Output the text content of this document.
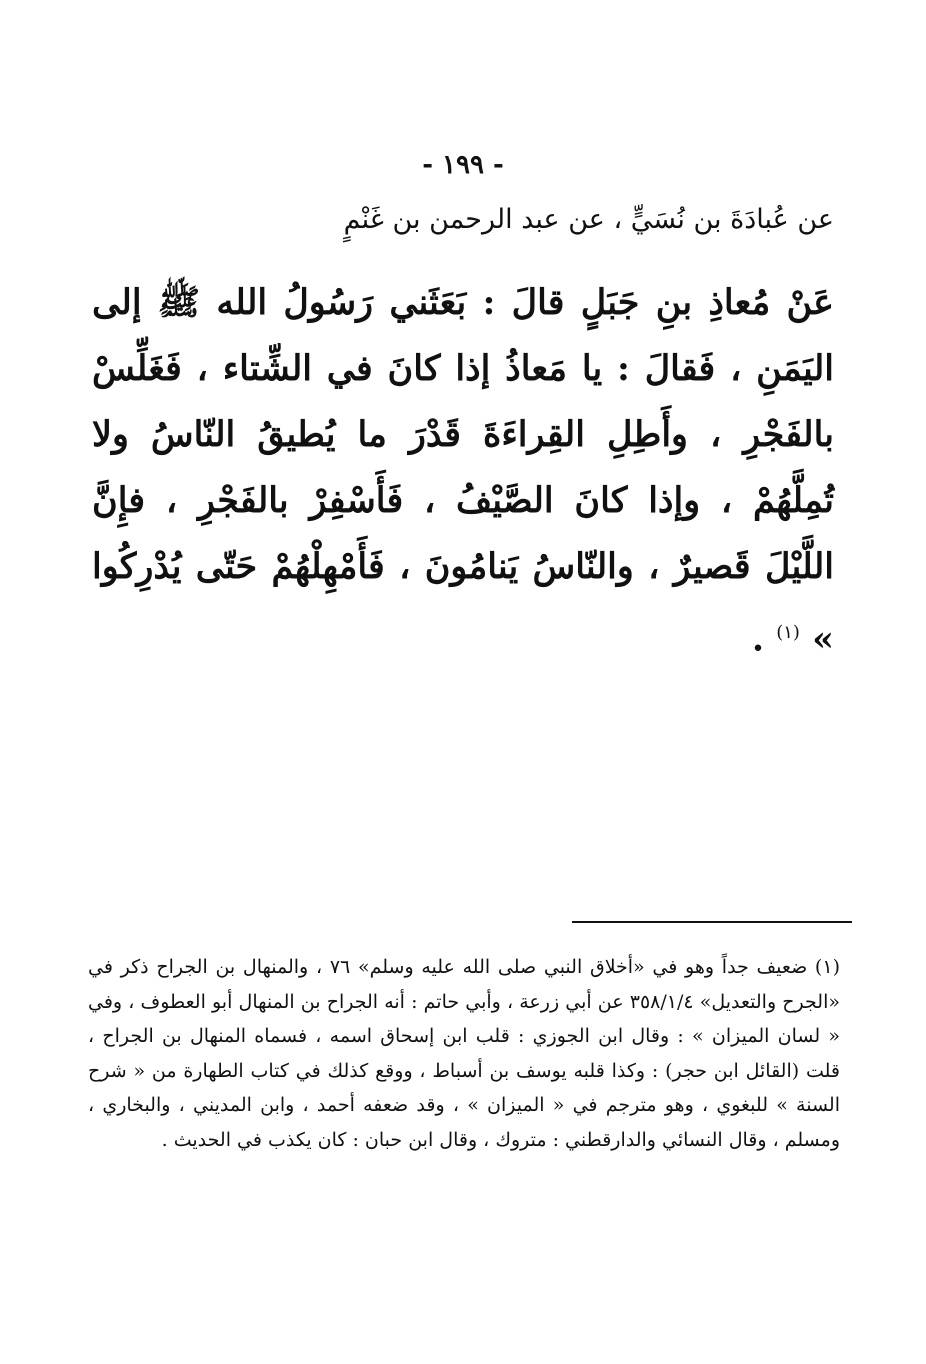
- ١٩٩ -
عن عُبادَةَ بن نُسَيٍّ ، عن عبد الرحمن بن غَنْمٍ
عَنْ مُعاذِ بنِ جَبَلٍ قالَ : بَعَثَني رَسُولُ الله ﷺ إلى اليَمَنِ ، فَقالَ : يا مَعاذُ إذا كانَ في الشِّتاء ، فَغَلِّسْ بالفَجْرِ ، وأَطِلِ القِراءَةَ قَدْرَ ما يُطيقُ النّاسُ ولا تُمِلَّهُمْ ، وإذا كانَ الصَّيْفُ ، فَأَسْفِرْ بالفَجْرِ ، فإِنَّ اللَّيْلَ قَصيرٌ ، والنّاسُ يَنامُونَ ، فَأَمْهِلْهُمْ حَتّى يُدْرِكُوا » $^{(١)}$ .
(١) ضعيف جداً وهو في «أخلاق النبي صلى الله عليه وسلم» ٧٦ ، والمنهال بن الجراح ذكر في «الجرح والتعديل» ٣٥٨/١/٤ عن أبي زرعة ، وأبي حاتم : أنه الجراح بن المنهال أبو العطوف ، وفي « لسان الميزان » : وقال ابن الجوزي : قلب ابن إسحاق اسمه ، فسماه المنهال بن الجراح ، قلت (القائل ابن حجر) : وكذا قلبه يوسف بن أسباط ، ووقع كذلك في كتاب الطهارة من « شرح السنة » للبغوي ، وهو مترجم في « الميزان » ، وقد ضعفه أحمد ، وابن المديني ، والبخاري ، ومسلم ، وقال النسائي والدارقطني : متروك ، وقال ابن حبان : كان يكذب في الحديث .
